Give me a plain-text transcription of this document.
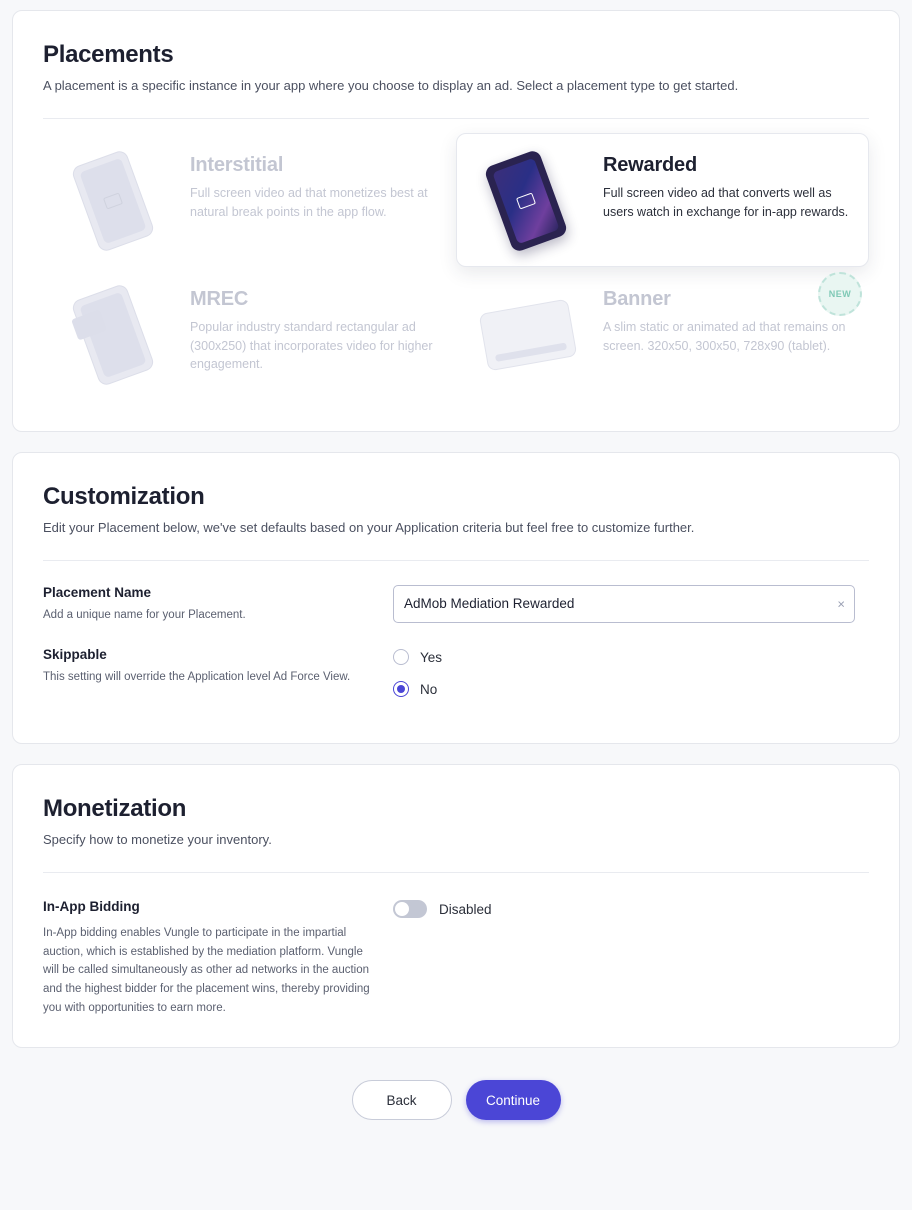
Placements
A placement is a specific instance in your app where you choose to display an ad. Select a placement type to get started.
Interstitial
Full screen video ad that monetizes best at natural break points in the app flow.
Rewarded
Full screen video ad that converts well as users watch in exchange for in-app rewards.
MREC
Popular industry standard rectangular ad (300x250) that incorporates video for higher engagement.
Banner
A slim static or animated ad that remains on screen. 320x50, 300x50, 728x90 (tablet).
NEW
Customization
Edit your Placement below, we've set defaults based on your Application criteria but feel free to customize further.
Placement Name
Add a unique name for your Placement.
AdMob Mediation Rewarded
×
Skippable
This setting will override the Application level Ad Force View.
Yes
No
Monetization
Specify how to monetize your inventory.
In-App Bidding
In-App bidding enables Vungle to participate in the impartial auction, which is established by the mediation platform. Vungle will be called simultaneously as other ad networks in the auction and the highest bidder for the placement wins, thereby providing you with opportunities to earn more.
Disabled
Back	Continue
